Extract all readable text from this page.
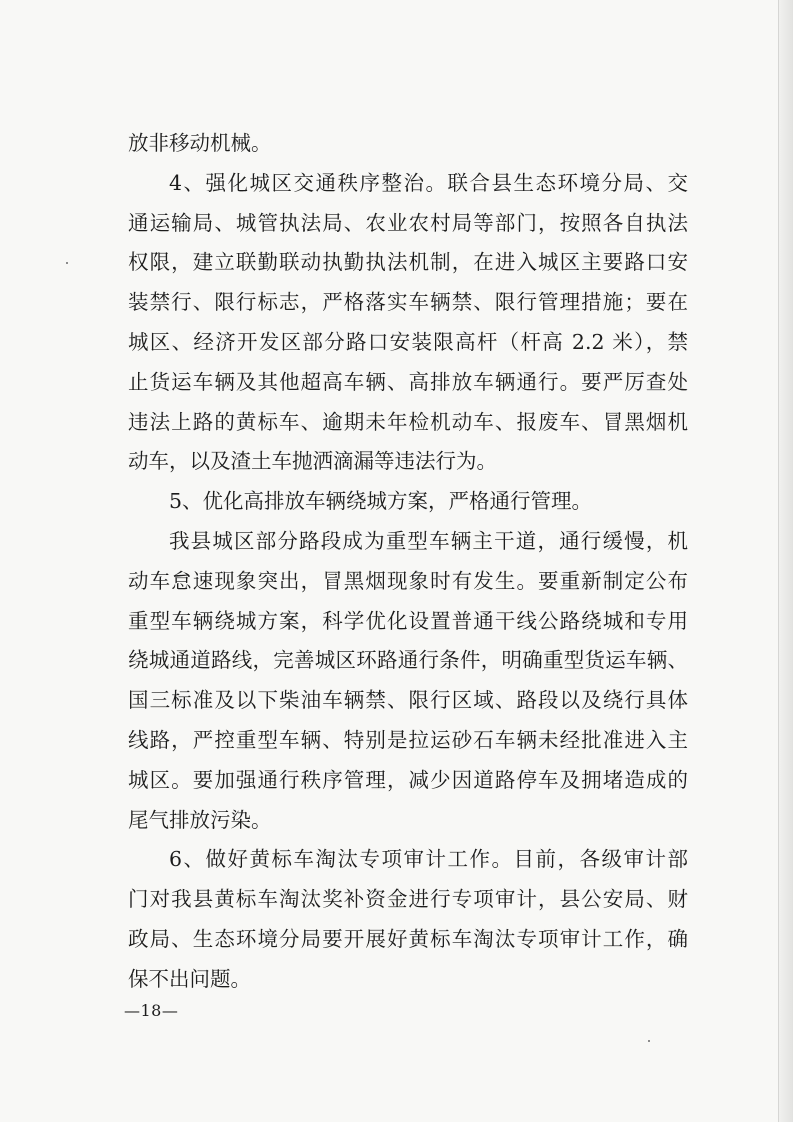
放非移动机械。
4、强化城区交通秩序整治。联合县生态环境分局、交
通运输局、城管执法局、农业农村局等部门，按照各自执法
权限，建立联勤联动执勤执法机制，在进入城区主要路口安
装禁行、限行标志，严格落实车辆禁、限行管理措施；要在
城区、经济开发区部分路口安装限高杆（杆高 2.2 米），禁
止货运车辆及其他超高车辆、高排放车辆通行。要严厉查处
违法上路的黄标车、逾期未年检机动车、报废车、冒黑烟机
动车，以及渣土车抛洒滴漏等违法行为。
5、优化高排放车辆绕城方案，严格通行管理。
我县城区部分路段成为重型车辆主干道，通行缓慢，机
动车怠速现象突出，冒黑烟现象时有发生。要重新制定公布
重型车辆绕城方案，科学优化设置普通干线公路绕城和专用
绕城通道路线，完善城区环路通行条件，明确重型货运车辆、
国三标准及以下柴油车辆禁、限行区域、路段以及绕行具体
线路，严控重型车辆、特别是拉运砂石车辆未经批准进入主
城区。要加强通行秩序管理，减少因道路停车及拥堵造成的
尾气排放污染。
6、做好黄标车淘汰专项审计工作。目前，各级审计部
门对我县黄标车淘汰奖补资金进行专项审计，县公安局、财
政局、生态环境分局要开展好黄标车淘汰专项审计工作，确
保不出问题。
—18—
